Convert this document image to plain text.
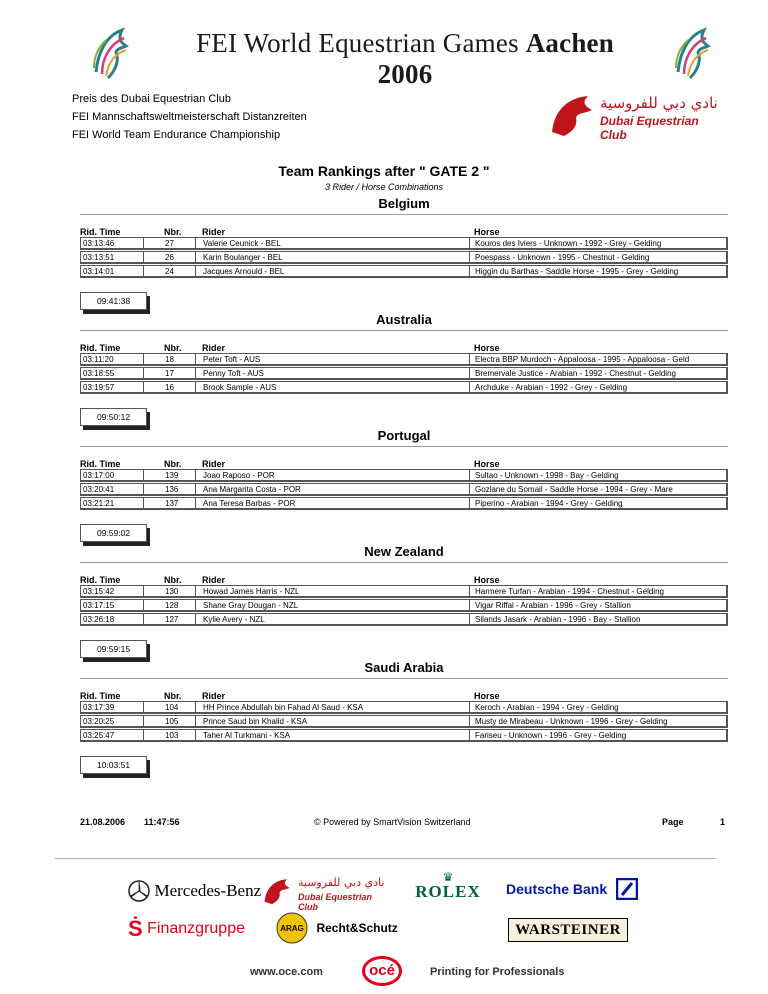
FEI World Equestrian Games Aachen 2006
Preis des Dubai Equestrian Club
FEI Mannschaftsweltmeisterschaft Distanzreiten
FEI World Team Endurance Championship
نادي دبي للفروسية
Dubai Equestrian Club
Team Rankings after " GATE 2 "
3 Rider / Horse Combinations
Belgium
Rid. Time	Nbr. Rider	Horse
03:13:46	27	Valerie Ceunick - BEL	Kouros des Iviers - Unknown - 1992 - Grey - Gelding
03:13:51	26	Karin Boulanger - BEL	Poespass - Unknown - 1995 - Chestnut - Gelding
03:14:01	24	Jacques Arnould - BEL	Higgin du Barthas - Saddle Horse - 1995 - Grey - Gelding
09:41:38
Australia
Rid. Time	Nbr. Rider	Horse
03:11:20	18	Peter Toft - AUS	Electra BBP Murdoch - Appaloosa - 1995 - Appaloosa - Geld
03:18:55	17	Penny Toft - AUS	Bremervale Justice - Arabian - 1992 - Chestnut - Gelding
03:19:57	16	Brook Sample - AUS	Archduke - Arabian - 1992 - Grey - Gelding
09:50:12
Portugal
Rid. Time	Nbr. Rider	Horse
03:17:00	139	Joao Raposo - POR	Sultao - Unknown - 1998 - Bay - Gelding
03:20:41	136	Ana Margarita Costa - POR	Gozlane du Somail - Saddle Horse - 1994 - Grey - Mare
03:21:21	137	Ana Teresa Barbas - POR	Piperino - Arabian - 1994 - Grey - Gelding
09:59:02
New Zealand
Rid. Time	Nbr. Rider	Horse
03:15:42	130	Howad James Harris - NZL	Harmere Turfan - Arabian - 1994 - Chestnut - Gelding
03:17:15	128	Shane Gray Dougan - NZL	Vigar Riffal - Arabian - 1996 - Grey - Stallion
03:26:18	127	Kylie Avery - NZL	Silands Jasark - Arabian - 1996 - Bay - Stallion
09:59:15
Saudi Arabia
Rid. Time	Nbr. Rider	Horse
03:17:39	104	HH Prince Abdullah bin Fahad Al Saud - KSA	Keroch - Arabian - 1994 - Grey - Gelding
03:20:25	105	Prince Saud bin Khalid - KSA	Musty de Mirabeau - Unknown - 1996 - Grey - Gelding
03:25:47	103	Taher Al Turkmani - KSA	Fariseu - Unknown - 1996 - Grey - Gelding
10:03:51
21.08.2006 11:47:56	© Powered by SmartVision Switzerland	Page	1
Mercedes-Benz	نادي دبي للفروسية
Dubai Equestrian Club
♛
ROLEX Deutsche Bank
Ṡ Finanzgruppe	ARAG Recht&Schutz	WARSTEINER
www.oce.com	océ	Printing for Professionals
